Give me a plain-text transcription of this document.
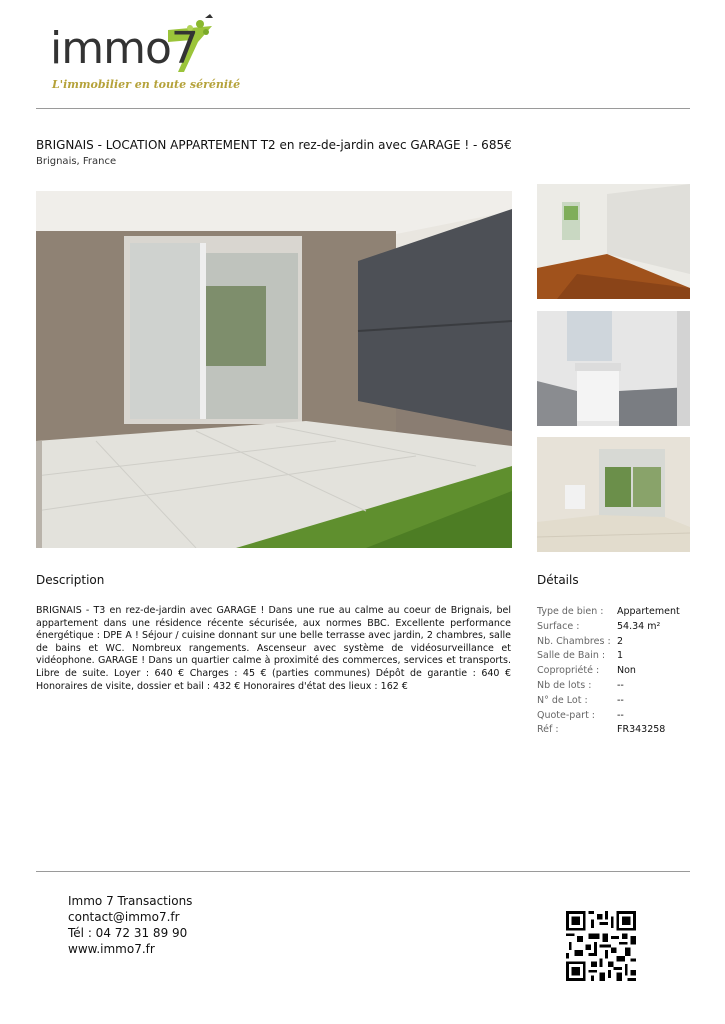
immo7
L'immobilier en toute sérénité
BRIGNAIS - LOCATION APPARTEMENT T2 en rez-de-jardin avec GARAGE ! - 685€
Brignais, France
Description
BRIGNAIS - T3 en rez-de-jardin avec GARAGE ! Dans une rue au calme au coeur de Brignais, bel appartement dans une résidence récente sécurisée, aux normes BBC. Excellente performance énergétique : DPE A ! Séjour / cuisine donnant sur une belle terrasse avec jardin, 2 chambres, salle de bains et WC. Nombreux rangements. Ascenseur avec système de vidéosurveillance et vidéophone. GARAGE ! Dans un quartier calme à proximité des commerces, services et transports. Libre de suite. Loyer : 640 € Charges : 45 € (parties communes) Dépôt de garantie : 640 € Honoraires de visite, dossier et bail : 432 € Honoraires d'état des lieux : 162 €
Détails
Type de bien :	Appartement
Surface :	54.34 m²
Nb. Chambres : 2
Salle de Bain :	1
Copropriété :	Non
Nb de lots :	--
N° de Lot :	--
Quote-part :	--
Réf :	FR343258
Immo 7 Transactions
contact@immo7.fr
Tél : 04 72 31 89 90
www.immo7.fr
